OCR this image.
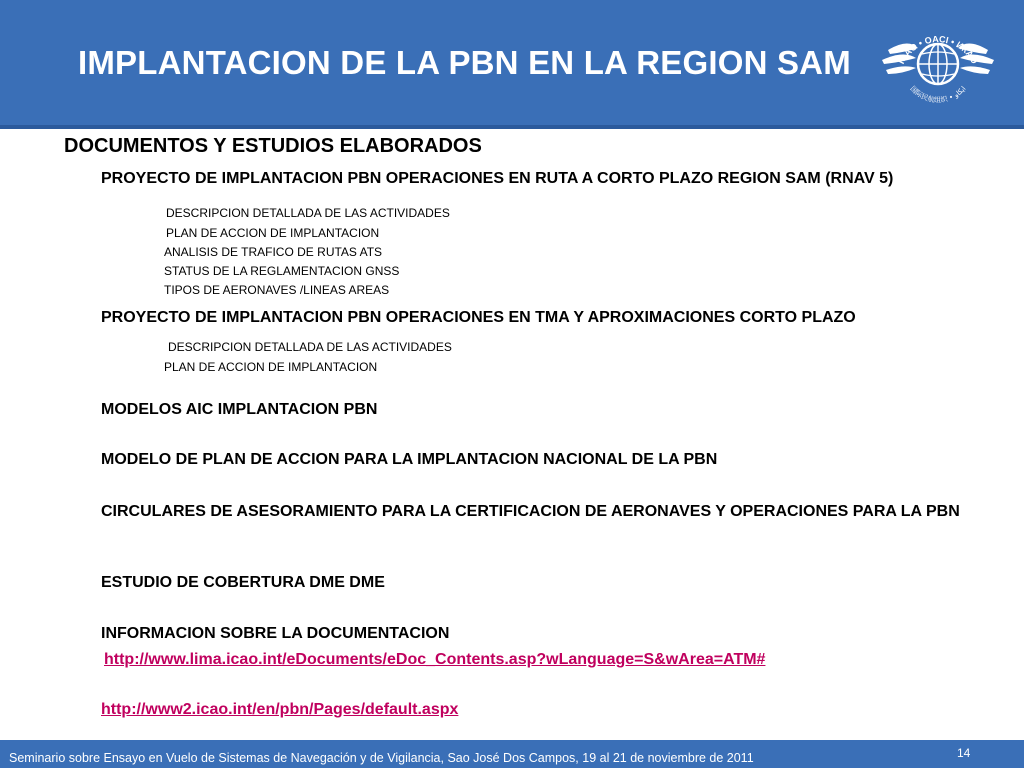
IMPLANTACION DE LA PBN EN LA REGION SAM	ICAO • OACI • ИКАО
国际民航组织 • ايكاو
DOCUMENTOS Y ESTUDIOS ELABORADOS
PROYECTO DE IMPLANTACION PBN OPERACIONES EN RUTA A CORTO PLAZO REGION SAM (RNAV 5)
DESCRIPCION DETALLADA DE LAS ACTIVIDADES
PLAN DE ACCION DE IMPLANTACION
ANALISIS DE TRAFICO DE RUTAS ATS
STATUS DE LA REGLAMENTACION GNSS
TIPOS DE AERONAVES /LINEAS AREAS
PROYECTO DE IMPLANTACION PBN OPERACIONES EN TMA Y APROXIMACIONES CORTO PLAZO
DESCRIPCION DETALLADA DE LAS ACTIVIDADES
PLAN DE ACCION DE IMPLANTACION
MODELOS AIC IMPLANTACION PBN
MODELO DE PLAN DE ACCION PARA LA IMPLANTACION NACIONAL DE LA PBN
CIRCULARES DE ASESORAMIENTO PARA LA CERTIFICACION DE AERONAVES Y OPERACIONES PARA LA PBN
ESTUDIO DE COBERTURA DME DME
INFORMACION SOBRE LA DOCUMENTACION
http://www.lima.icao.int/eDocuments/eDoc_Contents.asp?wLanguage=S&wArea=ATM#
http://www2.icao.int/en/pbn/Pages/default.aspx
Seminario sobre Ensayo en Vuelo de Sistemas de Navegación y de Vigilancia, Sao José Dos Campos, 19 al 21 de noviembre de 2011	14
